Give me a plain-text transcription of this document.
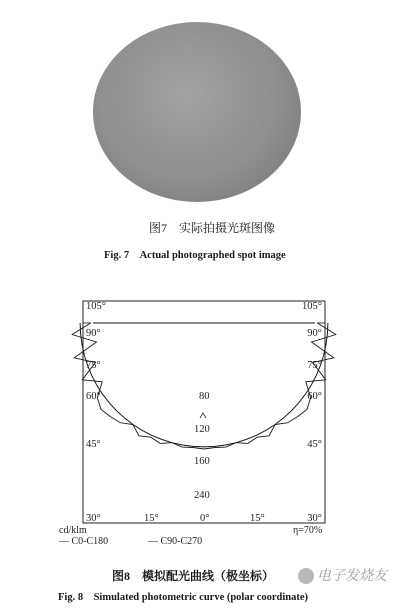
图7　实际拍摄光斑图像
Fig. 7　Actual photographed spot image
105°
90°
75°
60°
45°
30°
105°
90°
75°
60°
45°
30°
15°	0°	15°
80
120
160
240
cd/klm	η=70%
— C0-C180	— C90-C270
图8　模拟配光曲线（极坐标）
Fig. 8　Simulated photometric curve (polar coordinate)
电子发烧友
